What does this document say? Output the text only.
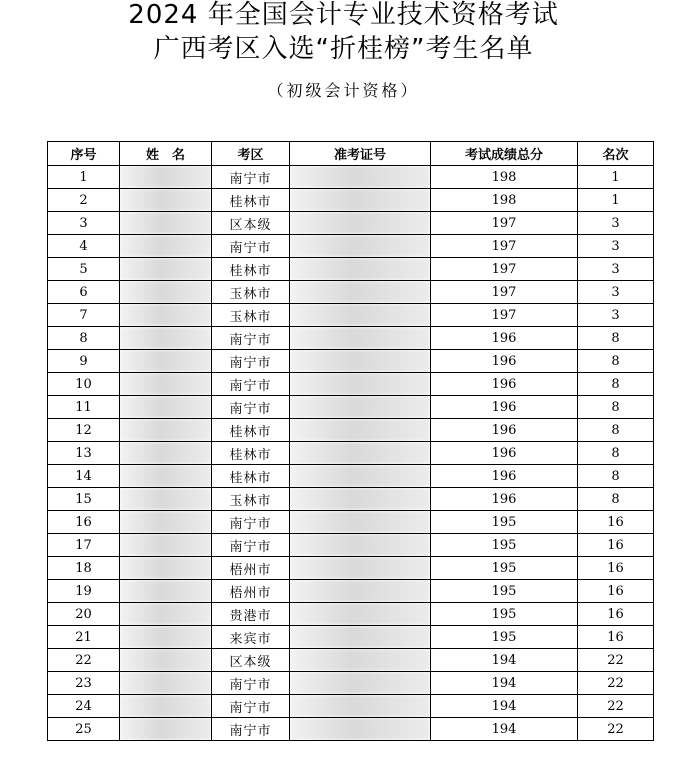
2024 年全国会计专业技术资格考试
广西考区入选“折桂榜”考生名单
（初级会计资格）
序号	姓　名	考区	准考证号	考试成绩总分	名次
1		南宁市		198	1
2		桂林市		198	1
3		区本级		197	3
4		南宁市		197	3
5		桂林市		197	3
6		玉林市		197	3
7		玉林市		197	3
8		南宁市		196	8
9		南宁市		196	8
10		南宁市		196	8
11		南宁市		196	8
12		桂林市		196	8
13		桂林市		196	8
14		桂林市		196	8
15		玉林市		196	8
16		南宁市		195	16
17		南宁市		195	16
18		梧州市		195	16
19		梧州市		195	16
20		贵港市		195	16
21		来宾市		195	16
22		区本级		194	22
23		南宁市		194	22
24		南宁市		194	22
25		南宁市		194	22
